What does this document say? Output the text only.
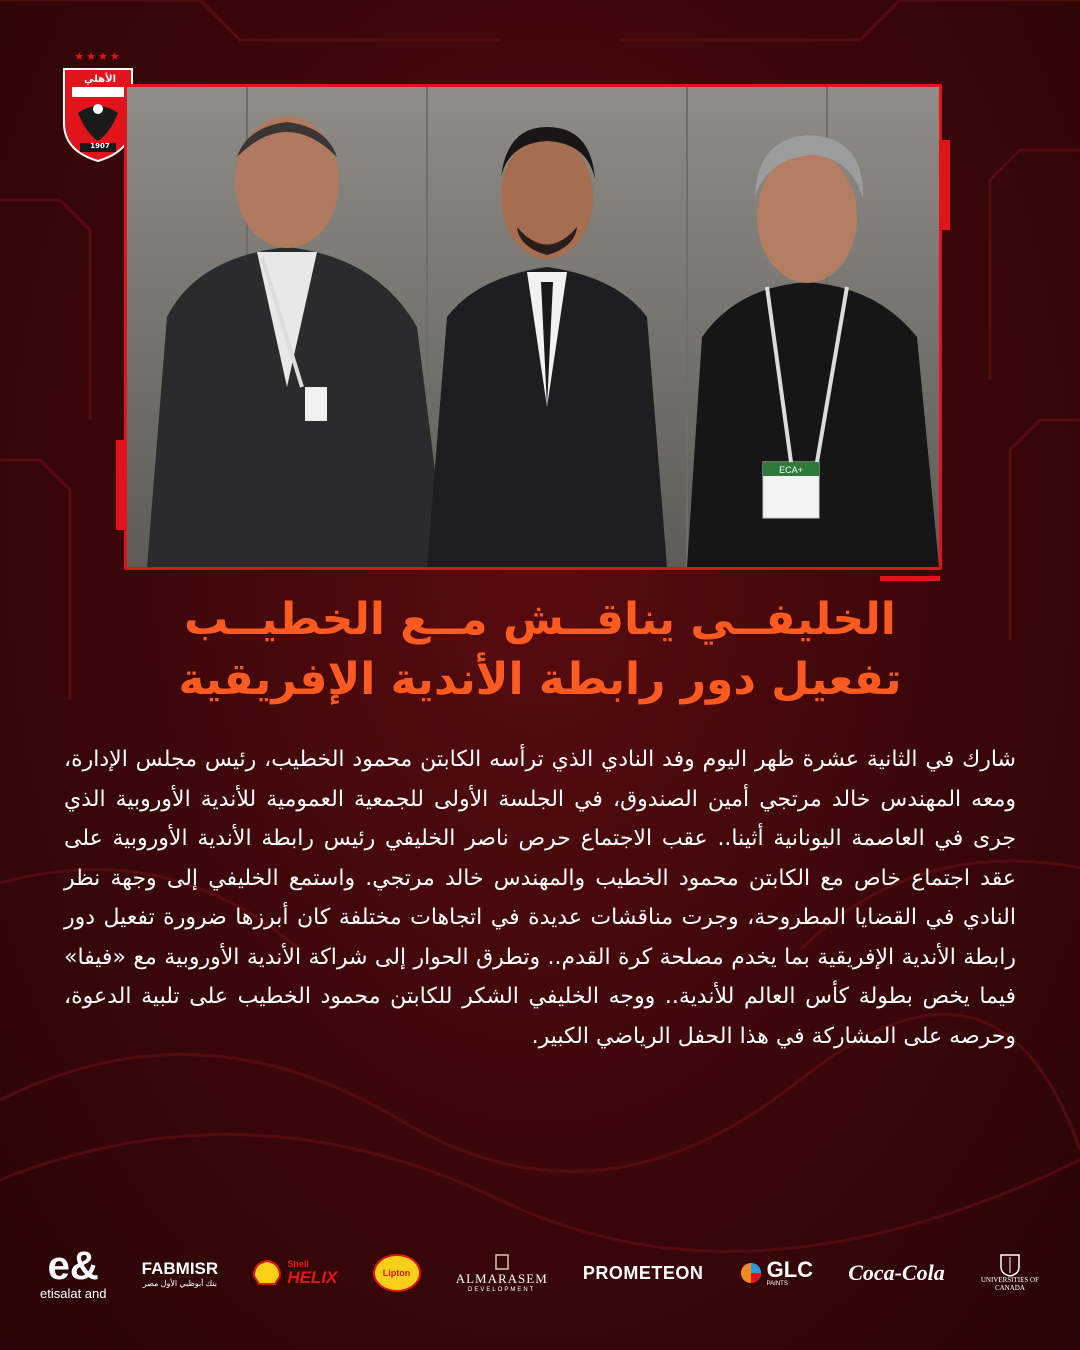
★★★★
الأهلي
1907
ECA+
الخليفــي يناقــش مــع الخطيــب
تفعيل دور رابطة الأندية الإفريقية
شارك في الثانية عشرة ظهر اليوم وفد النادي الذي ترأسه الكابتن محمود الخطيب، رئيس مجلس الإدارة، ومعه المهندس خالد مرتجي أمين الصندوق، في الجلسة الأولى للجمعية العمومية للأندية الأوروبية الذي جرى في العاصمة اليونانية أثينا.. عقب الاجتماع حرص ناصر الخليفي رئيس رابطة الأندية الأوروبية على عقد اجتماع خاص مع الكابتن محمود الخطيب والمهندس خالد مرتجي. واستمع الخليفي إلى وجهة نظر النادي في القضايا المطروحة، وجرت مناقشات عديدة في اتجاهات مختلفة كان أبرزها ضرورة تفعيل دور رابطة الأندية الإفريقية بما يخدم مصلحة كرة القدم.. وتطرق الحوار إلى شراكة الأندية الأوروبية مع «فيفا» فيما يخص بطولة كأس العالم للأندية.. ووجه الخليفي الشكر للكابتن محمود الخطيب على تلبية الدعوة، وحرصه على المشاركة في هذا الحفل الرياضي الكبير.
e&
etisalat and
FABMISR
بنك أبوظبي الأول مصر
Shell
HELIX	Lipton	ALMARASEM
DEVELOPMENT
PROMETEON	GLC
PAINTS	Coca-Cola	UNIVERSITIES OF CANADA
